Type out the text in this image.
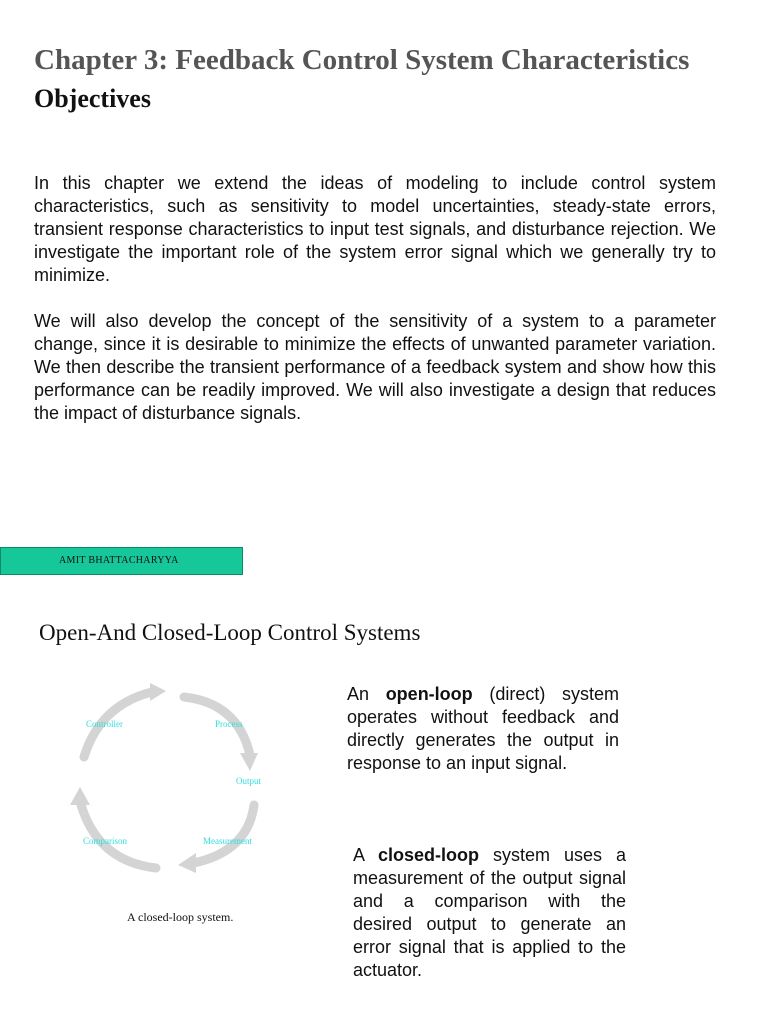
Chapter 3: Feedback Control System Characteristics
Objectives

In this chapter we extend the ideas of modeling to include control system characteristics, such as sensitivity to model uncertainties, steady-state errors, transient response characteristics to input test signals, and disturbance rejection. We investigate the important role of the system error signal which we generally try to minimize.

We will also develop the concept of the sensitivity of a system to a parameter change, since it is desirable to minimize the effects of unwanted parameter variation. We then describe the transient performance of a feedback system and show how this performance can be readily improved. We will also investigate a design that reduces the impact of disturbance signals.

AMIT BHATTACHARYYA
Open-And Closed-Loop Control Systems
Controller	Process
Output
Measurement
Comparison
A closed-loop system.

An open-loop (direct) system operates without feedback and directly generates the output in response to an input signal.

A closed-loop system uses a measurement of the output signal and a comparison with the desired output to generate an error signal that is applied to the actuator.
